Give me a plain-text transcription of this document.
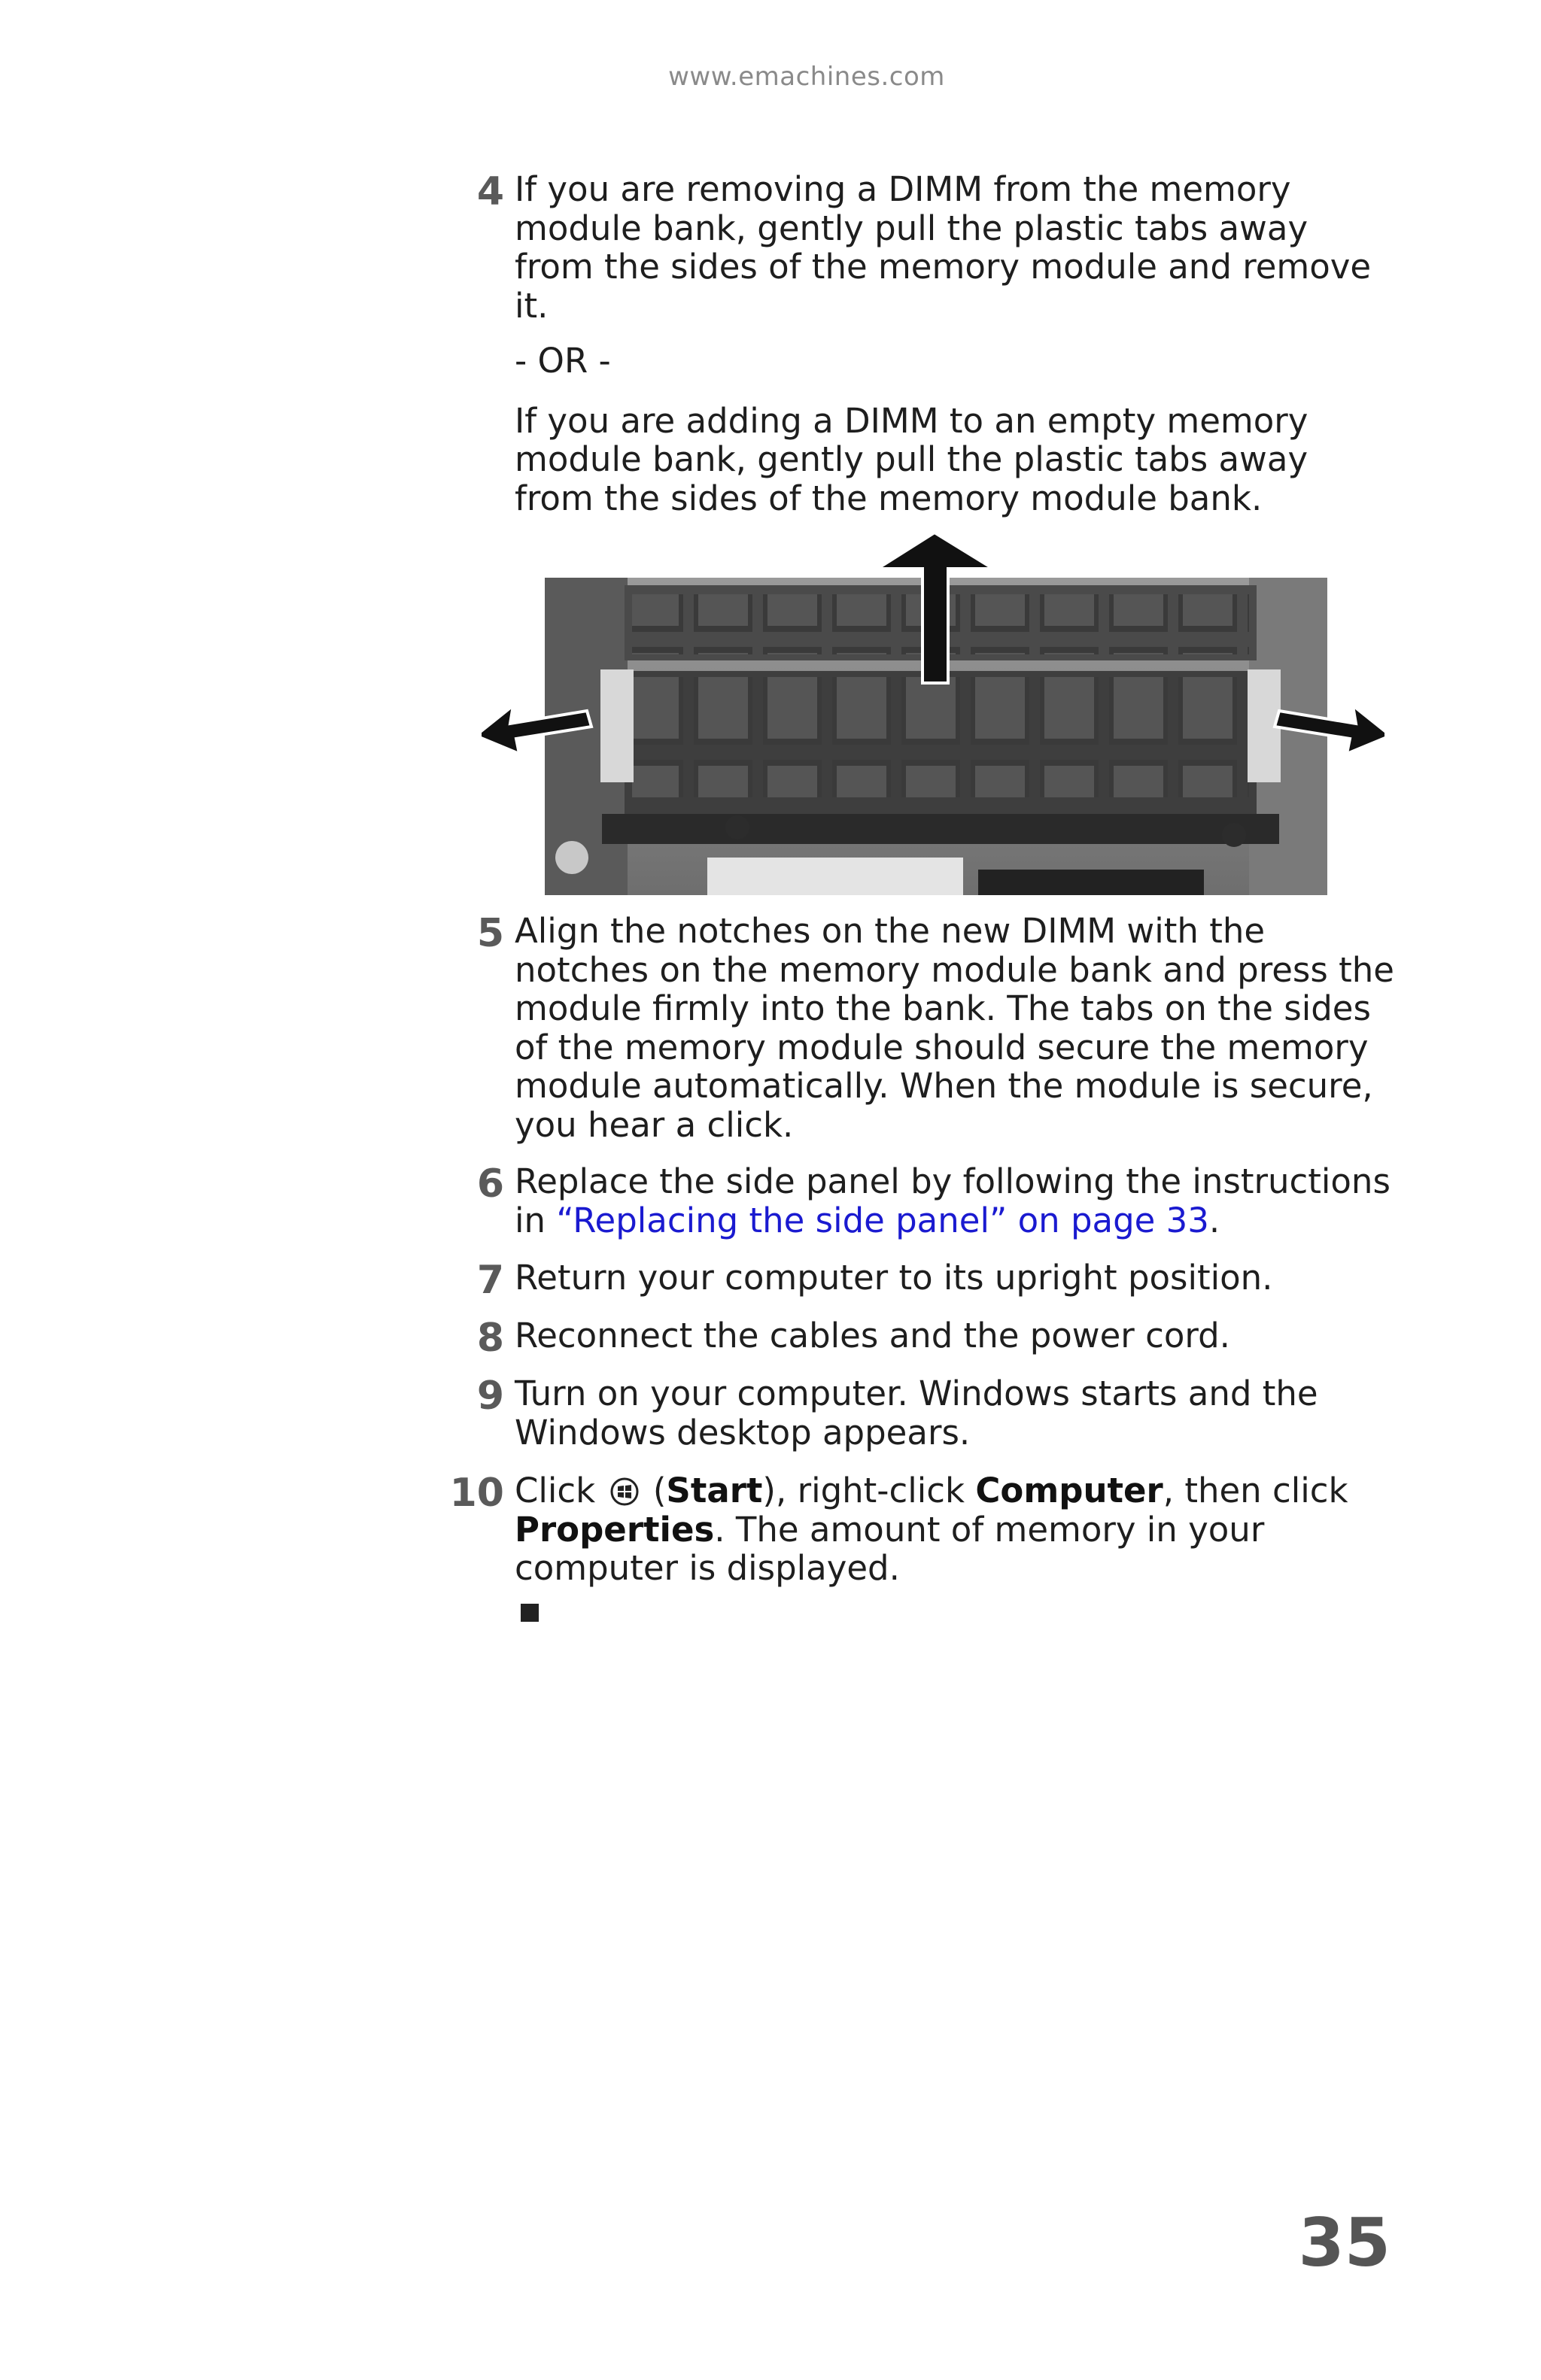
www.emachines.com
4 If you are removing a DIMM from the memory module bank, gently pull the plastic tabs away from the sides of the memory module and remove it.

- OR -

If you are adding a DIMM to an empty memory module bank, gently pull the plastic tabs away from the sides of the memory module bank.

5 Align the notches on the new DIMM with the notches on the memory module bank and press the module firmly into the bank. The tabs on the sides of the memory module should secure the memory module automatically. When the module is secure, you hear a click.

6 Replace the side panel by following the instructions in “Replacing the side panel” on page 33.

7 Return your computer to its upright position.

8 Reconnect the cables and the power cord.

9 Turn on your computer. Windows starts and the Windows desktop appears.

10 Click  (Start), right-click Computer, then click Properties. The amount of memory in your computer is displayed.

35
